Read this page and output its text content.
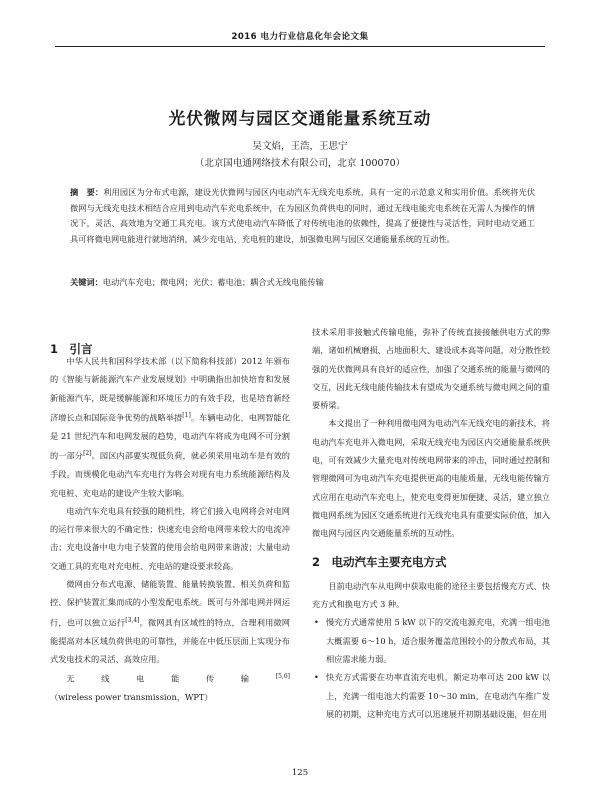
2016 电力行业信息化年会论文集
光伏微网与园区交通能量系统互动
吴文焰，王浩，王思宁
（北京国电通网络技术有限公司，北京 100070）
摘　要：利用园区为分布式电源，建设光伏微网与园区内电动汽车无线充电系统，具有一定的示范意义和实用价值。系统将光伏微网与无线充电技术相结合应用到电动汽车充电系统中，在为园区负荷供电的同时，通过无线电能充电系统在无需人为操作的情况下，灵活、高效地为交通工具充电。该方式使电动汽车降低了对传统电池的依赖性，提高了便捷性与灵活性，同时电动交通工具可将微电网电能进行就地消纳，减少充电站、充电桩的建设，加强微电网与园区交通能量系统的互动性。
关键词：电动汽车充电；微电网；光伏；蓄电池；耦合式无线电能传输
1　引言

中华人民共和国科学技术部（以下简称科技部）2012 年颁布的《智能与新能源汽车产业发展规划》中明确指出加快培育和发展新能源汽车，既是缓解能源和环境压力的有效手段，也是培育新经济增长点和国际竞争优势的战略举措[1]。车辆电动化、电网智能化是 21 世纪汽车和电网发展的趋势，电动汽车将成为电网不可分割的一部分[2]。园区内部要实现低负荷，就必须采用电动车是有效的手段。而规模化电动汽车充电行为将会对现有电力系统能源结构及充电桩、充电站的建设产生较大影响。

电动汽车充电具有较强的随机性，将它们接入电网将会对电网的运行带来很大的不确定性；快速充电会给电网带来较大的电流冲击；充电设备中电力电子装置的使用会给电网带来谐波；大量电动交通工具的充电对充电桩、充电站的建设要求较高。

微网由分布式电源、储能装置、能量转换装置、相关负荷和监控、保护装置汇集而成的小型发配电系统。既可与外部电网并网运行，也可以独立运行[3,4]。微网具有区域性的特点，合理利用微网能提高对本区域负荷供电的可靠性，并能在中低压层面上实现分布式发电技术的灵活、高效应用。

无线电能传输[5,6]（wireless power transmission，WPT）

技术采用非接触式传输电能，弥补了传统直接接触供电方式的弊端，诸如机械磨损、占地面积大、建设成本高等问题，对分散性较强的光伏微网具有良好的适应性，加强了交通系统的能量与微网的交互，因此无线电能传输技术有望成为交通系统与微电网之间的重要桥梁。

本文提出了一种利用微电网为电动汽车无线充电的新技术，将电动汽车充电并入微电网，采取无线充电为园区内交通能量系统供电，可有效减少大量充电对传统电网带来的冲击，同时通过控制和管理微网可为电动汽车充电提供更高的电能质量，无线电能传输方式应用在电动汽车充电上，使充电变得更加便捷、灵活，建立独立微电网系统为园区交通系统进行无线充电具有重要实际价值，加入微电网与园区内交通能量系统的互动性。

2　电动汽车主要充电方式

目前电动汽车从电网中获取电能的途径主要包括慢充方式、快充方式和换电方式 3 种。

• 慢充方式通常使用 5 kW 以下的交流电源充电，充满一组电池大概需要 6～10 h，适合服务覆盖范围较小的分散式布局，其相应需求能力弱。
• 快充方式需要在功率直流充电机，额定功率可达 200 kW 以上，充满一组电池大约需要 10～30 min，在电动汽车推广发展的初期，这种充电方式可以迅速展开初期基础设施，但在用
125
